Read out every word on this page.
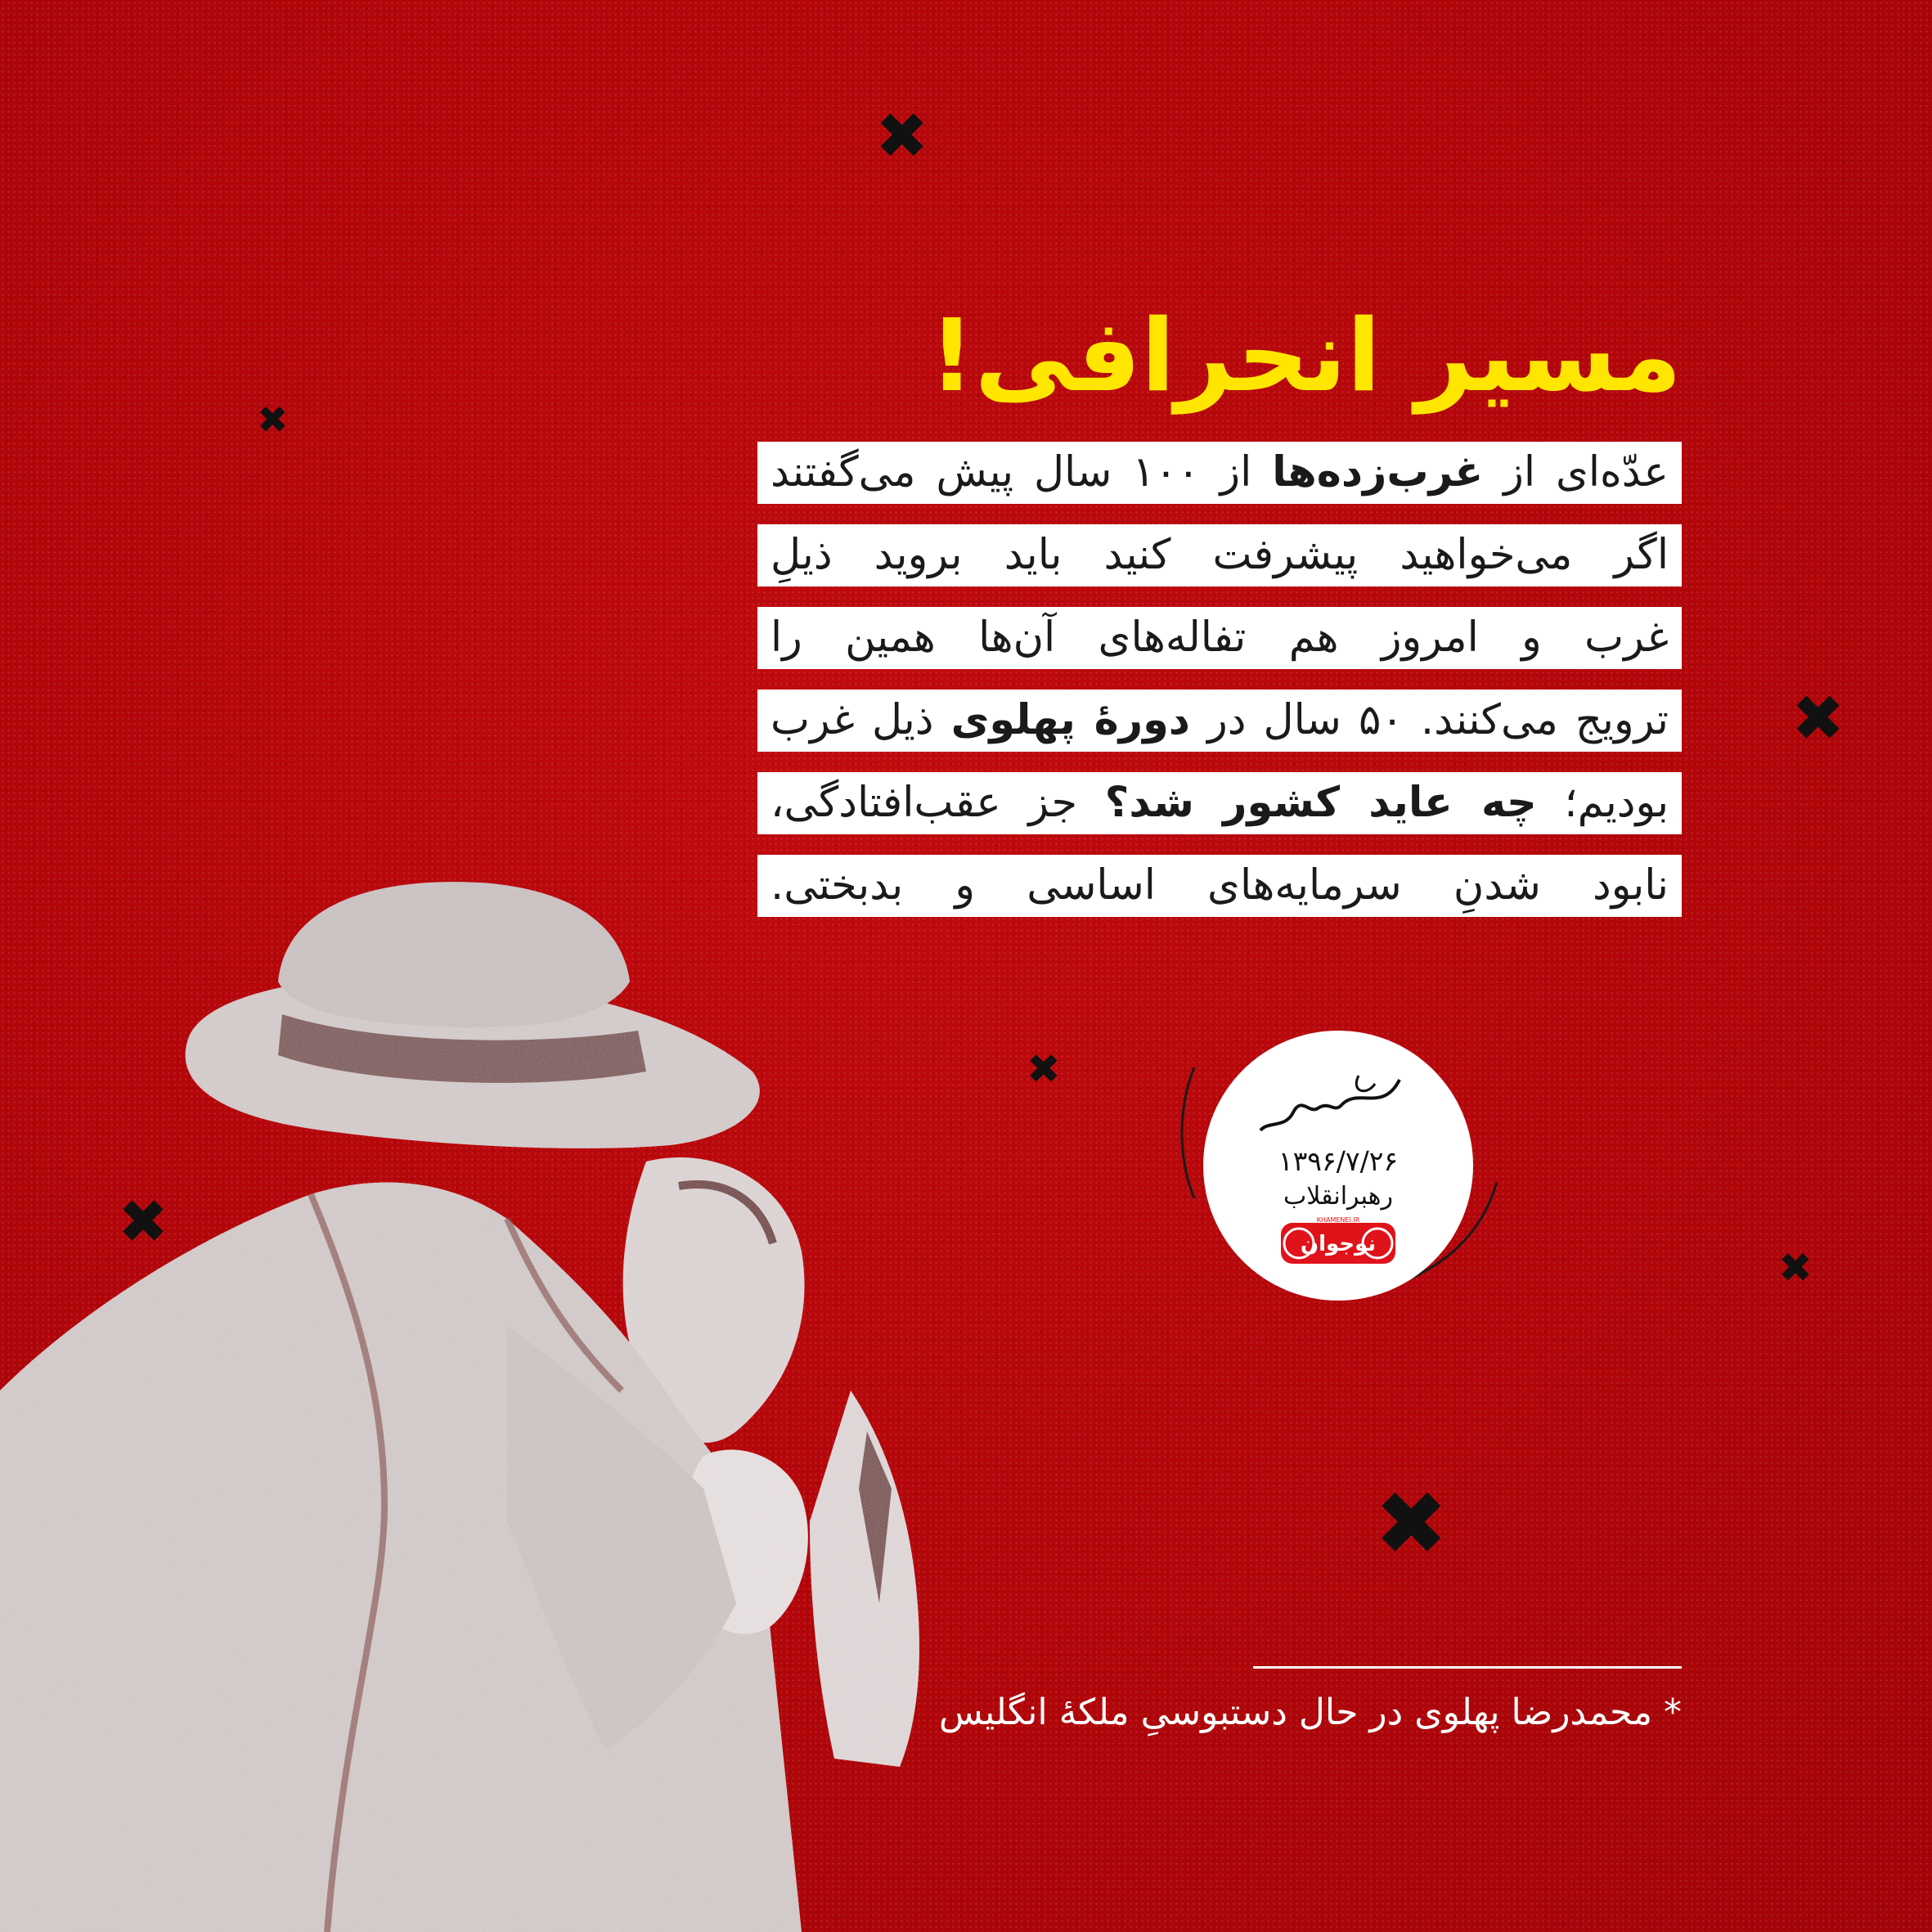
مسیر انحرافی!
عدّه‌ای از غرب‌زده‌ها از ۱۰۰ سال پیش می‌گفتند
اگر می‌خواهید پیشرفت کنید باید بروید ذیلِ
غرب و امروز هم تفاله‌های آن‌ها همین را
ترویج می‌کنند. ۵۰ سال در دورهٔ پهلوی ذیل غرب
بودیم؛ چه عاید کشور شد؟ جز عقب‌افتادگی،
نابود شدنِ سرمایه‌های اساسی و بدبختی.
✖
✖
✖
✖
✖
✖
✖
۱۳۹۶/۷/۲۶
رهبرانقلاب
نوجوان
KHAMENEI.IR
* محمدرضا پهلوی در حال دستبوسیِ ملکهٔ انگلیس
